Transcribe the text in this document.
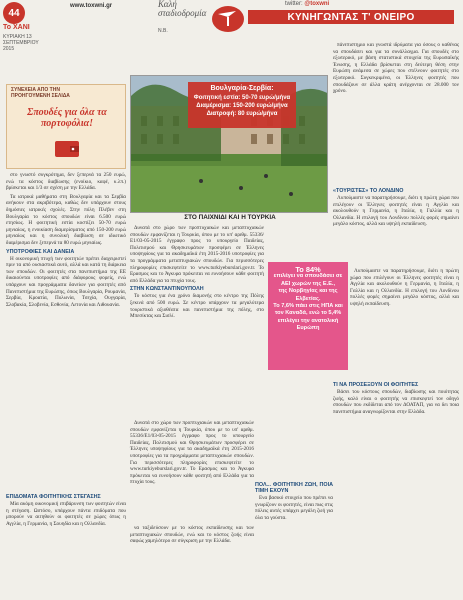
44
To XANI
ΚΥΡΙΑΚΗ 13 ΣΕΠΤΕΜΒΡΙΟΥ 2015
www.toxwni.gr	Καλή σταδιοδρομία
Ν.Β.
twitter: @toxwni
ΚΥΝΗΓΩΝΤΑΣ Τ' ΟΝΕΙΡΟ
ΣΥΝΕΧΕΙΑ ΑΠΟ ΤΗΝ ΠΡΟΗΓΟΥΜΕΝΗ ΣΕΛΙΔΑ
Σπουδές για όλα τα πορτοφόλια!

στο γνωστό συγκρότημα, δεν ξεπερνά τα 250 ευρώ, ενώ τα κόστος διαβίωσης (ενοίκιο, καφέ, κ.λπ.) βρίσκεται και 1/3 σε σχέση με την Ελλάδα.

Τα ιατρικά μαθήματα στη Βουλγαρία και τα Σερβία ανήκουν στα ακριβότερα, καθώς δεν υπάρχουν στους δημόσιες ιατρικές σχολές. Στην πόλη Πλέβεν στη Βουλγαρία το κόστος σπουδών είναι 6.500 ευρώ ετησίως. Η φοιτητική εστία κοστίζει 50-70 ευρώ μηνιαίως, η ενοικίαση διαμερίσματος από 150-200 ευρώ μηνιαίως και η συνολική διαβίωση σε ιδιωτικό διαμέρισμα δεν ξεπερνά τα 80 ευρώ μηνιαίως.

ΥΠΟΤΡΟΦΙΕΣ ΚΑΙ ΔΑΝΕΙΑ

Η οικονομική πτυχή των φοιτητών πρέπει διαχειριστεί πριν τα από ουσιαστικά αυτό, αλλά και κατά τη διάρκεια των σπουδών. Οι φοιτητές στα πανεπιστήμια της ΕΕ δικαιούνται υποτροφίες από διάφορους φορείς, ενώ υπάρχουν και προγράμματα δανείων για φοιτητές από Πανεπιστήμια της Ευρώπης, όπως Βουλγαρία, Ρουμανία, Σερβία, Κροατία, Πολωνία, Τσεχία, Ουγγαρία, Σλοβακία, Σλοβενία, Εσθονία, Λετονία και Λιθουανία.

ΕΠΙΔΟΜΑΤΑ ΦΟΙΤΗΤΙΚΗΣ ΣΤΕΓΑΣΗΣ

Μία ακόμη οικονομική επιβάρυνση των φοιτητών είναι η στέγαση. Ωστόσο, υπάρχουν πάντα επιδόματα που μπορούν να αιτηθούν οι φοιτητές σε χώρες όπως η Αγγλία, η Γερμανία, η Σουηδία και η Ολλανδία.

Βουλγαρία-Σερβία:
Φοιτητική εστία: 50-70 ευρώ/μήνα
Διαμέρισμα: 150-200 ευρώ/μήνα
Διατροφή: 80 ευρώ/μήνα
ΣΤΟ ΠΑΙΧΝΙΔΙ ΚΑΙ Η ΤΟΥΡΚΙΑ

Δυνατά στο χώρο των προπτυχιακών και μεταπτυχιακών σπουδών εμφανίζεται η Τουρκία, όπου με το υπ' αριθμ. 55336/Ε1/03-05-2015 έγγραφο προς το υπουργείο Παιδείας, Πολιτισμού και Θρησκευμάτων προσφέρει σε Έλληνες υποψηφίους για τα ακαδημαϊκά έτη 2015-2016 υποτροφίες για τα προγράμματα μεταπτυχιακών σπουδών. Για περισσότερες πληροφορίες επισκεφτείτε το www.turkiyeburslari.gov.tr. Το Ερασμος και το Άγκυρα πρόκειται να ευνοήσουν κάθε φοιτητή από Ελλάδα για τα πτυχία τους.

ΣΤΗΝ ΚΩΝΣΤΑΝΤΙΝΟΥΠΟΛΗ

Το κόστος για ένα χρόνο διαμονής στο κέντρο της Πόλης ξεκινά από 500 ευρώ. Σε κέντρο υπάρχουν τα μεγαλύτερα τουριστικά αξιοθέατα και πανεπιστήμια της πόλης, στο Μπεσίκτας και Σισλί.

Το 84%
επιλέγει να σπουδάσει σε ΑΕΙ χωρών της Ε.Ε.,
της Νορβηγίας και της Ελβετίας.
Το 7,6% πάει στις ΗΠΑ και τον Καναδά, ενώ το 5,4% επιλέγει την ανατολική Ευρώπη

πάνεπιστημιο και γνωστά ιδρύματα για όσους ο καθένας να σπουδάσει και για τα συνάλλαγμα. Για σπουδές στο εξωτερικό, με βάση στατιστικά στοιχεία της Ευρωπαϊκής Ένωσης, η Ελλάδα βρίσκεται στη δεύτερη θέση στην Ευρώπη ανάμεσα σε χώρες που στέλνουν φοιτητές στο εξωτερικό. Συγκεκριμένα, οι Έλληνες φοιτητές που σπουδάζουν σε άλλα κράτη ανέρχονται σε 28.000 τον χρόνο.

«ΤΟΥΡΙΣΤΕΣ» ΤΟ ΛΟΝΔΙΝΟ

Λυπούμαστε να παρατηρήσουμε, διότι η πρώτη χώρα που επιλέγουν οι Έλληνες φοιτητές είναι η Αγγλία και ακολουθούν η Γερμανία, η Ιταλία, η Γαλλία και η Ολλανδία. Η επιλογή του Λονδίνου πολλές φορές σημαίνει μεγάλο κόστος, αλλά και υψηλή εκπαίδευση.

Λυπούμαστε να παρατηρήσουμε, διότι η πρώτη χώρα που επιλέγουν οι Έλληνες φοιτητές είναι η Αγγλία και ακολουθούν η Γερμανία, η Ιταλία, η Γαλλία και η Ολλανδία. Η επιλογή του Λονδίνου πολλές φορές σημαίνει μεγάλο κόστος, αλλά και υψηλή εκπαίδευση.

ΤΙ ΝΑ ΠΡΟΣΕΞΟΥΝ ΟΙ ΦΟΙΤΗΤΕΣ

Βάσει του κόστους σπουδών, διαβίωσης και ποιότητας ζωής, καλό είναι ο φοιτητής να επισκεφτεί τον οδηγό σπουδών που εκδίδεται από τον ΔΟΑΤΑΠ, για να δει ποια πανεπιστήμια αναγνωρίζονται στην Ελλάδα.

Δυνατά στο χώρο των προπτυχιακών και μεταπτυχιακών σπουδών εμφανίζεται η Τουρκία, όπου με το υπ' αριθμ. 55336/Ε1/03-05-2015 έγγραφο προς το υπουργείο Παιδείας, Πολιτισμού και Θρησκευμάτων προσφέρει σε Έλληνες υποψηφίους για τα ακαδημαϊκά έτη 2015-2016 υποτροφίες για τα προγράμματα μεταπτυχιακών σπουδών. Για περισσότερες πληροφορίες επισκεφτείτε το www.turkiyeburslari.gov.tr. Το Ερασμος και το Άγκυρα πρόκειται να ευνοήσουν κάθε φοιτητή από Ελλάδα για τα πτυχία τους.

να ταξιδεύσουν με το κόστος εκπαίδευσης και των μεταπτυχιακών σπουδών, ενώ και το κόστος ζωής είναι σαφώς χαμηλότερο σε σύγκριση με την Ελλάδα.

ΠΟΛ... ΦΟΙΤΗΤΙΚΗ ΖΩΗ, ΠΟΙΑ ΤΙΜΗ ΕΧΟΥΝ

Ενα βασικό στοιχείο που πρέπει να γνωρίζουν οι φοιτητές, είναι πως στις πόλεις αυτές υπάρχει μεγάλη ζωή για όλα τα γούστα.
